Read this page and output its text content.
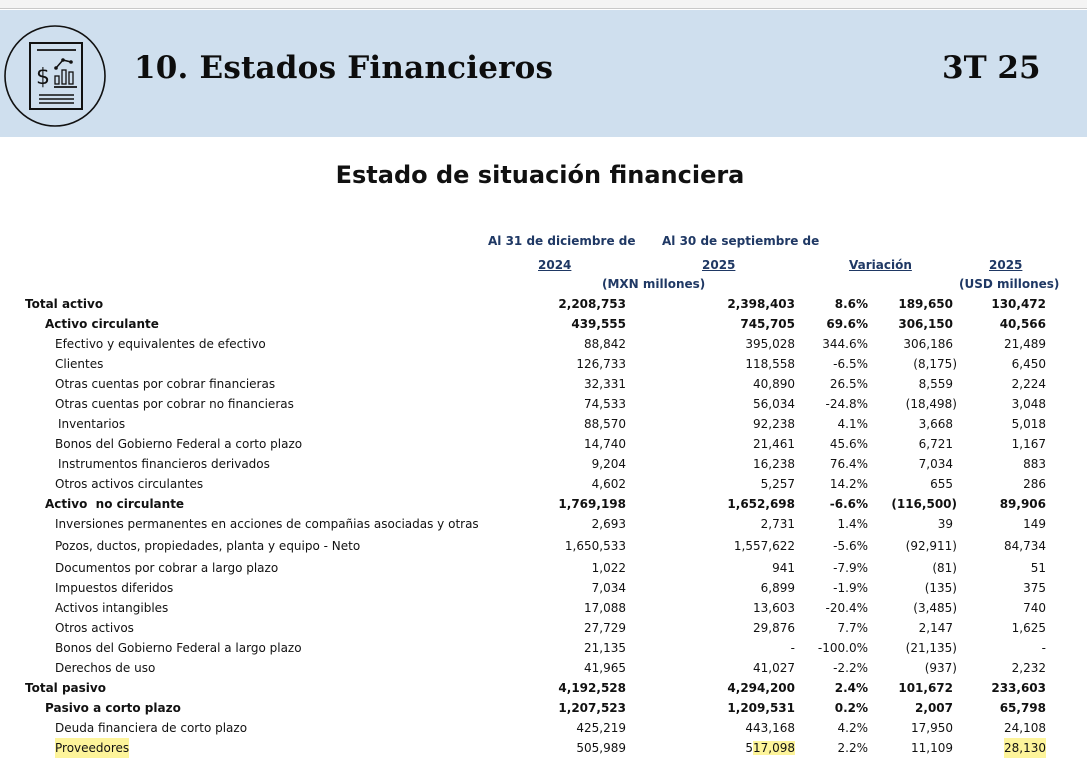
$	10. Estados Financieros	3T 25
Estado de situación financiera
Al 31 de diciembre de Al 30 de septiembre de
2024	2025	Variación	2025
(MXN millones)	(USD millones)
Total activo	2,208,753	2,398,403	8.6%	189,650	130,472
Activo circulante	439,555	745,705	69.6%	306,150	40,566
Efectivo y equivalentes de efectivo	88,842	395,028 344.6%	306,186	21,489
Clientes	126,733	118,558	-6.5%	(8,175)	6,450
Otras cuentas por cobrar financieras	32,331	40,890	26.5%	8,559	2,224
Otras cuentas por cobrar no financieras	74,533	56,034	-24.8%	(18,498)	3,048
Inventarios	88,570	92,238	4.1%	3,668	5,018
Bonos del Gobierno Federal a corto plazo	14,740	21,461	45.6%	6,721	1,167
Instrumentos financieros derivados	9,204	16,238	76.4%	7,034	883
Otros activos circulantes	4,602	5,257	14.2%	655	286
Activo  no circulante	1,769,198	1,652,698	-6.6% (116,500)	89,906
Inversiones permanentes en acciones de compañias asociadas y otras	2,693	2,731	1.4%	39	149
Pozos, ductos, propiedades, planta y equipo - Neto	1,650,533	1,557,622	-5.6%	(92,911)	84,734
Documentos por cobrar a largo plazo	1,022	941	-7.9%	(81)	51
Impuestos diferidos	7,034	6,899	-1.9%	(135)	375
Activos intangibles	17,088	13,603	-20.4%	(3,485)	740
Otros activos	27,729	29,876	7.7%	2,147	1,625
Bonos del Gobierno Federal a largo plazo	21,135	- -100.0%	(21,135)	-
Derechos de uso	41,965	41,027	-2.2%	(937)	2,232
Total pasivo	4,192,528	4,294,200	2.4%	101,672	233,603
Pasivo a corto plazo	1,207,523	1,209,531	0.2%	2,007	65,798
Deuda financiera de corto plazo	425,219	443,168	4.2%	17,950	24,108
Proveedores	505,989	517,098	2.2%	11,109	28,130
